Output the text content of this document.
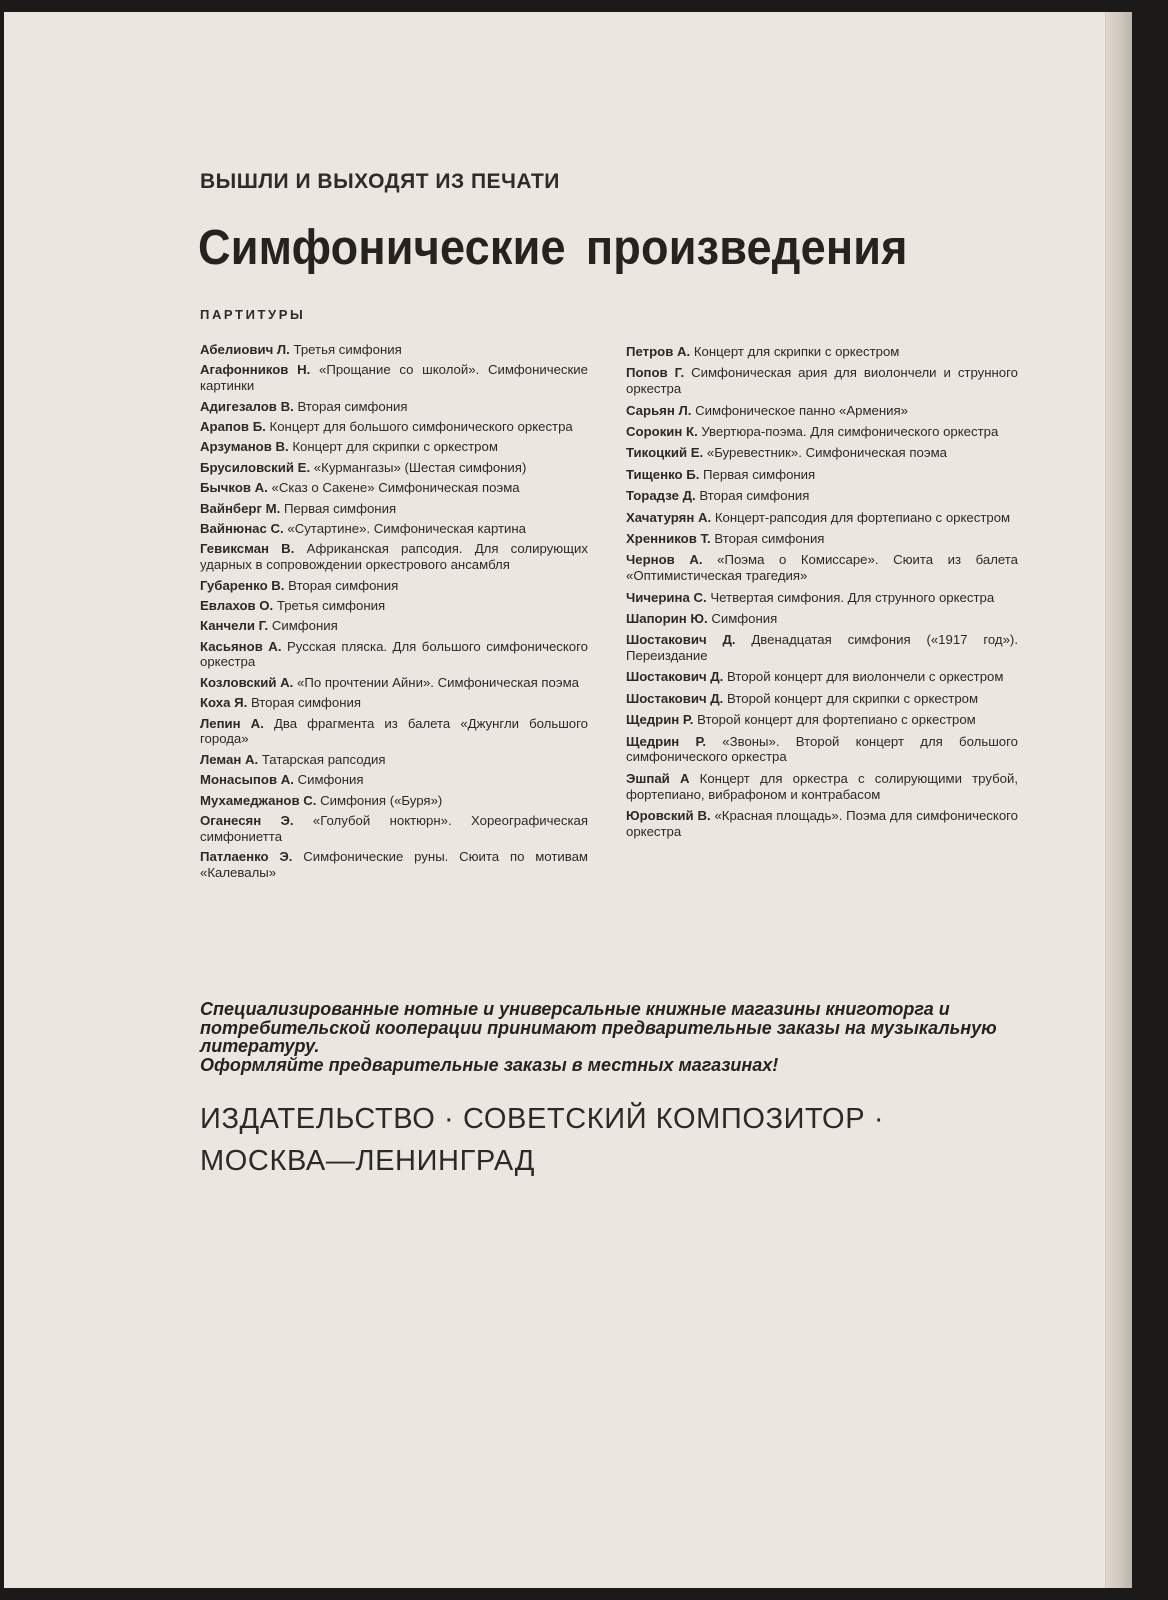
ВЫШЛИ И ВЫХОДЯТ ИЗ ПЕЧАТИ
Симфонические произведения
ПАРТИТУРЫ
Абелиович Л. Третья симфония
Агафонников Н. «Прощание со школой». Симфонические картинки
Адигезалов В. Вторая симфония
Арапов Б. Концерт для большого симфонического оркестра
Арзуманов В. Концерт для скрипки с оркестром
Брусиловский Е. «Курмангазы» (Шестая симфония)
Бычков А. «Сказ о Сакене» Симфоническая поэма
Вайнберг М. Первая симфония
Вайнюнас С. «Сутартине». Симфоническая картина
Гевиксман В. Африканская рапсодия. Для солирующих ударных в сопровождении оркестрового ансамбля
Губаренко В. Вторая симфония
Евлахов О. Третья симфония
Канчели Г. Симфония
Касьянов А. Русская пляска. Для большого симфонического оркестра
Козловский А. «По прочтении Айни». Симфоническая поэма
Коха Я. Вторая симфония
Лепин А. Два фрагмента из балета «Джунгли большого города»
Леман А. Татарская рапсодия
Монасыпов А. Симфония
Мухамеджанов С. Симфония («Буря»)
Оганесян Э. «Голубой ноктюрн». Хореографическая симфониетта
Патлаенко Э. Симфонические руны. Сюита по мотивам «Калевалы»
Петров А. Концерт для скрипки с оркестром
Попов Г. Симфоническая ария для виолончели и струнного оркестра
Сарьян Л. Симфоническое панно «Армения»
Сорокин К. Увертюра-поэма. Для симфонического оркестра
Тикоцкий Е. «Буревестник». Симфоническая поэма
Тищенко Б. Первая симфония
Торадзе Д. Вторая симфония
Хачатурян А. Концерт-рапсодия для фортепиано с оркестром
Хренников Т. Вторая симфония
Чернов А. «Поэма о Комиссаре». Сюита из балета «Оптимистическая трагедия»
Чичерина С. Четвертая симфония. Для струнного оркестра
Шапорин Ю. Симфония
Шостакович Д. Двенадцатая симфония («1917 год»). Переиздание
Шостакович Д. Второй концерт для виолончели с оркестром
Шостакович Д. Второй концерт для скрипки с оркестром
Щедрин Р. Второй концерт для фортепиано с оркестром
Щедрин Р. «Звоны». Второй концерт для большого симфонического оркестра
Эшпай А Концерт для оркестра с солирующими трубой, фортепиано, вибрафоном и контрабасом
Юровский В. «Красная площадь». Поэма для симфонического оркестра

Специализированные нотные и универсальные книжные магазины книготорга и потребительской кооперации принимают предварительные заказы на музыкальную литературу.

Оформляйте предварительные заказы в местных магазинах!

ИЗДАТЕЛЬСТВО · СОВЕТСКИЙ КОМПОЗИТОР ·
МОСКВА—ЛЕНИНГРАД
